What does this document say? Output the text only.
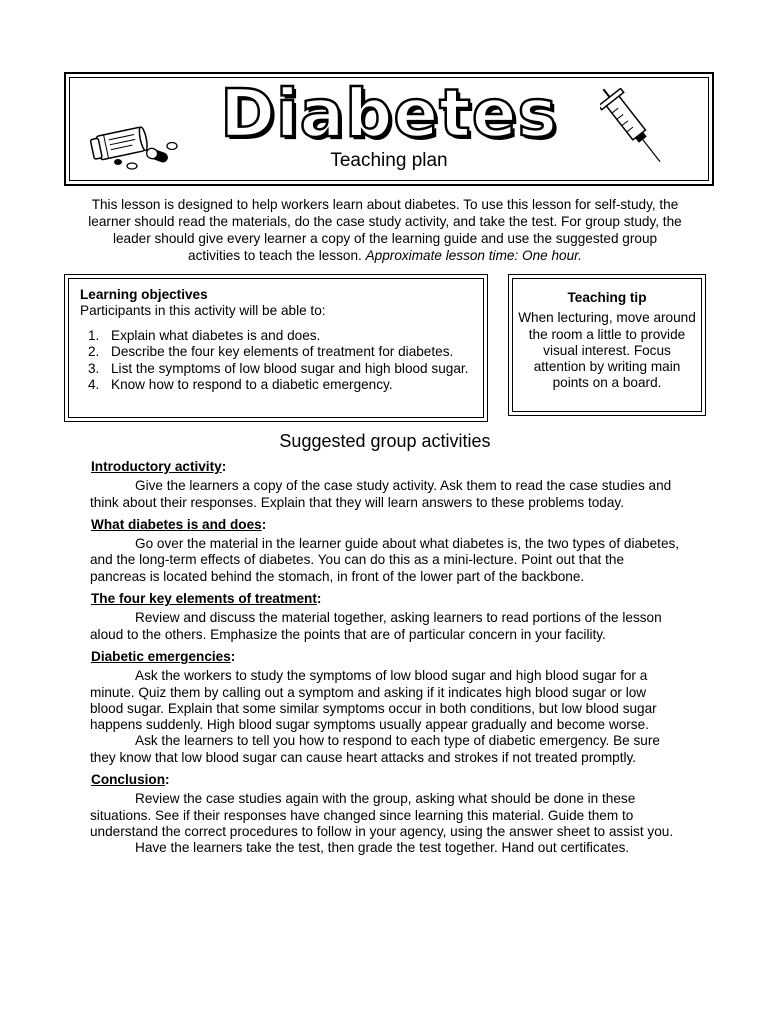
Diabetes
Teaching plan
This lesson is designed to help workers learn about diabetes. To use this lesson for self-study, the learner should read the materials, do the case study activity, and take the test. For group study, the leader should give every learner a copy of the learning guide and use the suggested group activities to teach the lesson. Approximate lesson time: One hour.
Learning objectives
Participants in this activity will be able to:
1. Explain what diabetes is and does.
2. Describe the four key elements of treatment for diabetes.
3. List the symptoms of low blood sugar and high blood sugar.
4. Know how to respond to a diabetic emergency.
Teaching tip
When lecturing, move around the room a little to provide visual interest. Focus attention by writing main points on a board.
Suggested group activities
Introductory activity:

Give the learners a copy of the case study activity. Ask them to read the case studies and think about their responses. Explain that they will learn answers to these problems today.

What diabetes is and does:

Go over the material in the learner guide about what diabetes is, the two types of diabetes, and the long-term effects of diabetes. You can do this as a mini-lecture. Point out that the pancreas is located behind the stomach, in front of the lower part of the backbone.

The four key elements of treatment:

Review and discuss the material together, asking learners to read portions of the lesson aloud to the others. Emphasize the points that are of particular concern in your facility.

Diabetic emergencies:

Ask the workers to study the symptoms of low blood sugar and high blood sugar for a minute. Quiz them by calling out a symptom and asking if it indicates high blood sugar or low blood sugar. Explain that some similar symptoms occur in both conditions, but low blood sugar happens suddenly. High blood sugar symptoms usually appear gradually and become worse.

Ask the learners to tell you how to respond to each type of diabetic emergency. Be sure they know that low blood sugar can cause heart attacks and strokes if not treated promptly.

Conclusion:

Review the case studies again with the group, asking what should be done in these situations. See if their responses have changed since learning this material. Guide them to understand the correct procedures to follow in your agency, using the answer sheet to assist you.

Have the learners take the test, then grade the test together. Hand out certificates.
